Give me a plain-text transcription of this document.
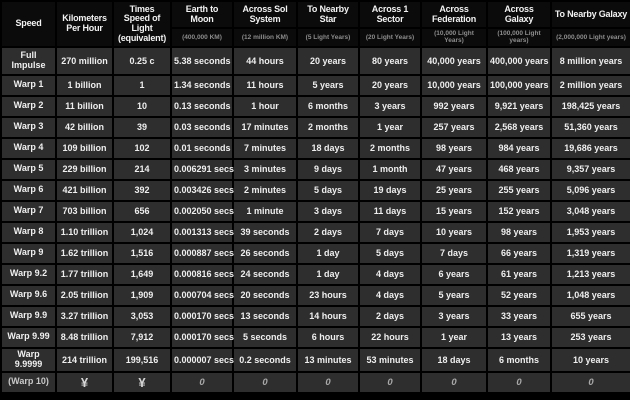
Speed	Kilometers Per Hour	Times Speed of Light (equivalent)	Earth to Moon	Across Sol System	To Nearby Star	Across 1 Sector	Across Federation	Across Galaxy	To Nearby Galaxy
			(400,000 KM)	(12 million KM)	(5 Light Years)	(20 Light Years)	(10,000 Light Years)	(100,000 Light years)	(2,000,000 Light years)
Full Impulse	270 million	0.25 c	5.38 seconds	44 hours	20 years	80 years	40,000 years	400,000 years	8 million years
Warp 1	1 billion	1	1.34 seconds	11 hours	5 years	20 years	10,000 years	100,000 years	2 million years
Warp 2	11 billion	10	0.13 seconds	1 hour	6 months	3 years	992 years	9,921 years	198,425 years
Warp 3	42 billion	39	0.03 seconds	17 minutes	2 months	1 year	257 years	2,568 years	51,360 years
Warp 4	109 billion	102	0.01 seconds	7 minutes	18 days	2 months	98 years	984 years	19,686 years
Warp 5	229 billion	214	0.006291 secs	3 minutes	9 days	1 month	47 years	468 years	9,357 years
Warp 6	421 billion	392	0.003426 secs	2 minutes	5 days	19 days	25 years	255 years	5,096 years
Warp 7	703 billion	656	0.002050 secs	1 minute	3 days	11 days	15 years	152 years	3,048 years
Warp 8	1.10 trillion	1,024	0.001313 secs	39 seconds	2 days	7 days	10 years	98 years	1,953 years
Warp 9	1.62 trillion	1,516	0.000887 secs	26 seconds	1 day	5 days	7 days	66 years	1,319 years
Warp 9.2	1.77 trillion	1,649	0.000816 secs	24 seconds	1 day	4 days	6 years	61 years	1,213 years
Warp 9.6	2.05 trillion	1,909	0.000704 secs	20 seconds	23 hours	4 days	5 years	52 years	1,048 years
Warp 9.9	3.27 trillion	3,053	0.000170 secs	13 seconds	14 hours	2 days	3 years	33 years	655 years
Warp 9.99	8.48 trillion	7,912	0.000170 secs	5 seconds	6 hours	22 hours	1 year	13 years	253 years
Warp 9.9999	214 trillion	199,516	0.000007 secs	0.2 seconds	13 minutes	53 minutes	18 days	6 months	10 years
(Warp 10)	¥	¥	0	0	0	0	0	0	0
